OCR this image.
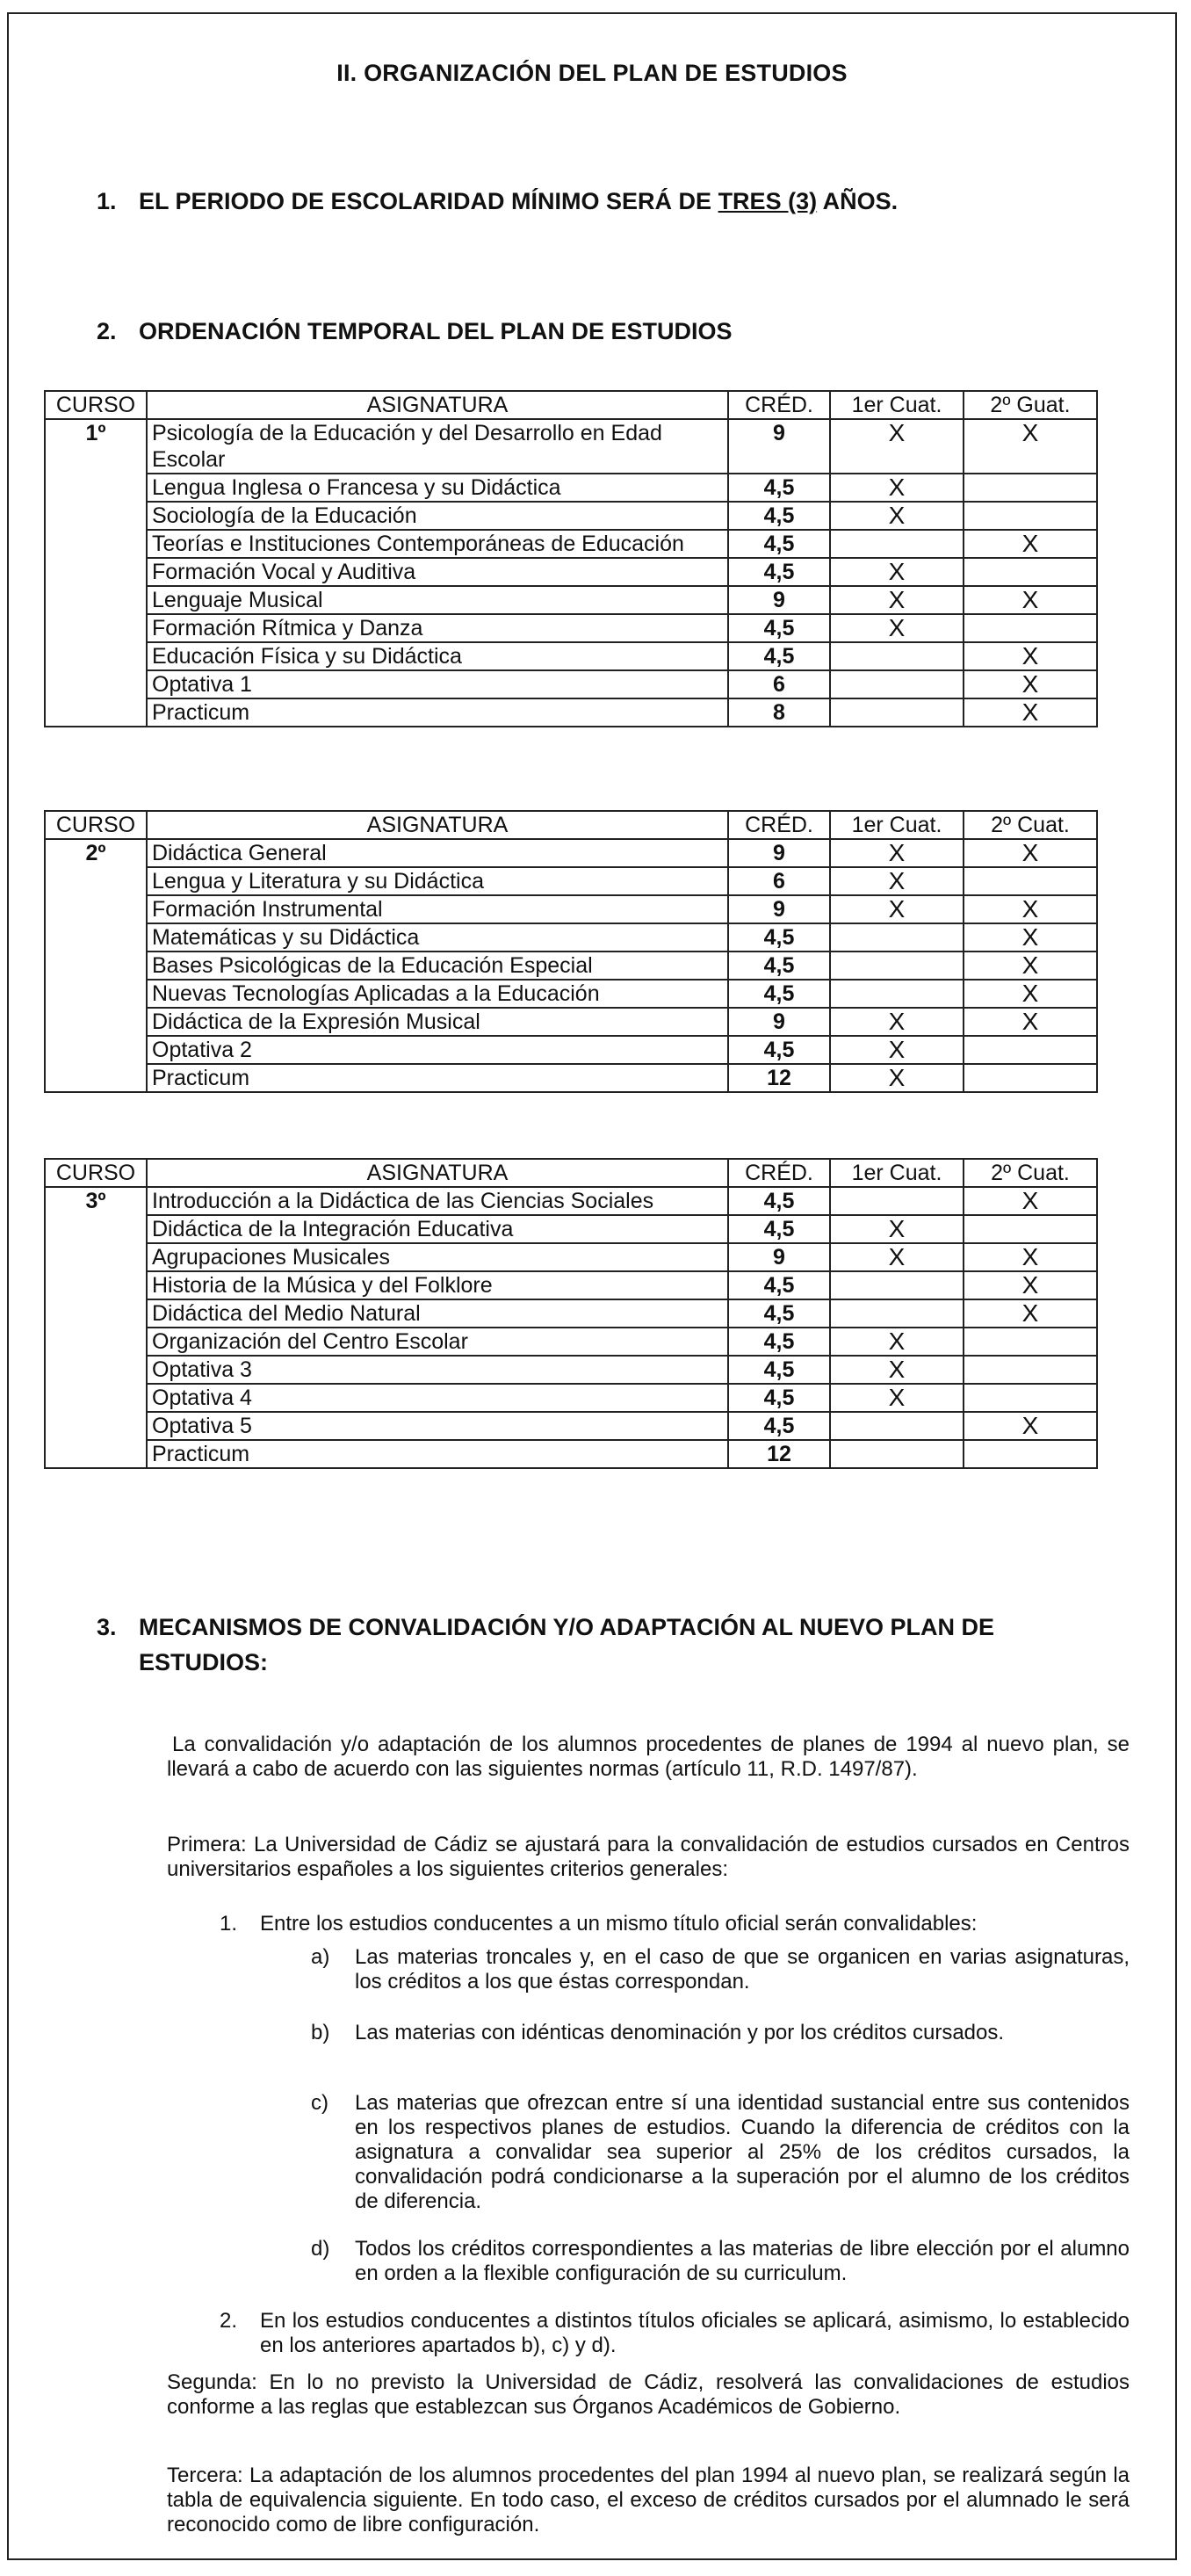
II. ORGANIZACIÓN DEL PLAN DE ESTUDIOS
1. EL PERIODO DE ESCOLARIDAD MÍNIMO SERÁ DE TRES (3) AÑOS.
2. ORDENACIÓN TEMPORAL DEL PLAN DE ESTUDIOS
CURSO	ASIGNATURA	CRÉD.	1er Cuat.	2º Guat.
1º	Psicología de la Educación y del Desarrollo en Edad Escolar	9	X	X
	Lengua Inglesa o Francesa y su Didáctica	4,5	X	
	Sociología de la Educación	4,5	X	
	Teorías e Instituciones Contemporáneas de Educación	4,5		X
	Formación Vocal y Auditiva	4,5	X	
	Lenguaje Musical	9	X	X
	Formación Rítmica y Danza	4,5	X	
	Educación Física y su Didáctica	4,5		X
	Optativa 1	6		X
	Practicum	8		X
CURSO	ASIGNATURA	CRÉD.	1er Cuat.	2º Cuat.
2º	Didáctica General	9	X	X
	Lengua y Literatura y su Didáctica	6	X	
	Formación Instrumental	9	X	X
	Matemáticas y su Didáctica	4,5		X
	Bases Psicológicas de la Educación Especial	4,5		X
	Nuevas Tecnologías Aplicadas a la Educación	4,5		X
	Didáctica de la Expresión Musical	9	X	X
	Optativa 2	4,5	X	
	Practicum	12	X	
CURSO	ASIGNATURA	CRÉD.	1er Cuat.	2º Cuat.
3º	Introducción a la Didáctica de las Ciencias Sociales	4,5		X
	Didáctica de la Integración Educativa	4,5	X	
	Agrupaciones Musicales	9	X	X
	Historia de la Música y del Folklore	4,5		X
	Didáctica del Medio Natural	4,5		X
	Organización del Centro Escolar	4,5	X	
	Optativa 3	4,5	X	
	Optativa 4	4,5	X	
	Optativa 5	4,5		X
	Practicum	12		
3. MECANISMOS DE CONVALIDACIÓN Y/O ADAPTACIÓN AL NUEVO PLAN DE
ESTUDIOS:
La convalidación y/o adaptación de los alumnos procedentes de planes de 1994 al nuevo plan, se llevará a cabo de acuerdo con las siguientes normas (artículo 11, R.D. 1497/87).
Primera: La Universidad de Cádiz se ajustará para la convalidación de estudios cursados en Centros universitarios españoles a los siguientes criterios generales:
1. Entre los estudios conducentes a un mismo título oficial serán convalidables:
a) Las materias troncales y, en el caso de que se organicen en varias asignaturas, los créditos a los que éstas correspondan.
b) Las materias con idénticas denominación y por los créditos cursados.
c) Las materias que ofrezcan entre sí una identidad sustancial entre sus contenidos en los respectivos planes de estudios. Cuando la diferencia de créditos con la asignatura a convalidar sea superior al 25% de los créditos cursados, la convalidación podrá condicionarse a la superación por el alumno de los créditos de diferencia.
d) Todos los créditos correspondientes a las materias de libre elección por el alumno en orden a la flexible configuración de su curriculum.
2. En los estudios conducentes a distintos títulos oficiales se aplicará, asimismo, lo establecido en los anteriores apartados b), c) y d).
Segunda: En lo no previsto la Universidad de Cádiz, resolverá las convalidaciones de estudios conforme a las reglas que establezcan sus Órganos Académicos de Gobierno.
Tercera: La adaptación de los alumnos procedentes del plan 1994 al nuevo plan, se realizará según la tabla de equivalencia siguiente. En todo caso, el exceso de créditos cursados por el alumnado le será reconocido como de libre configuración.
